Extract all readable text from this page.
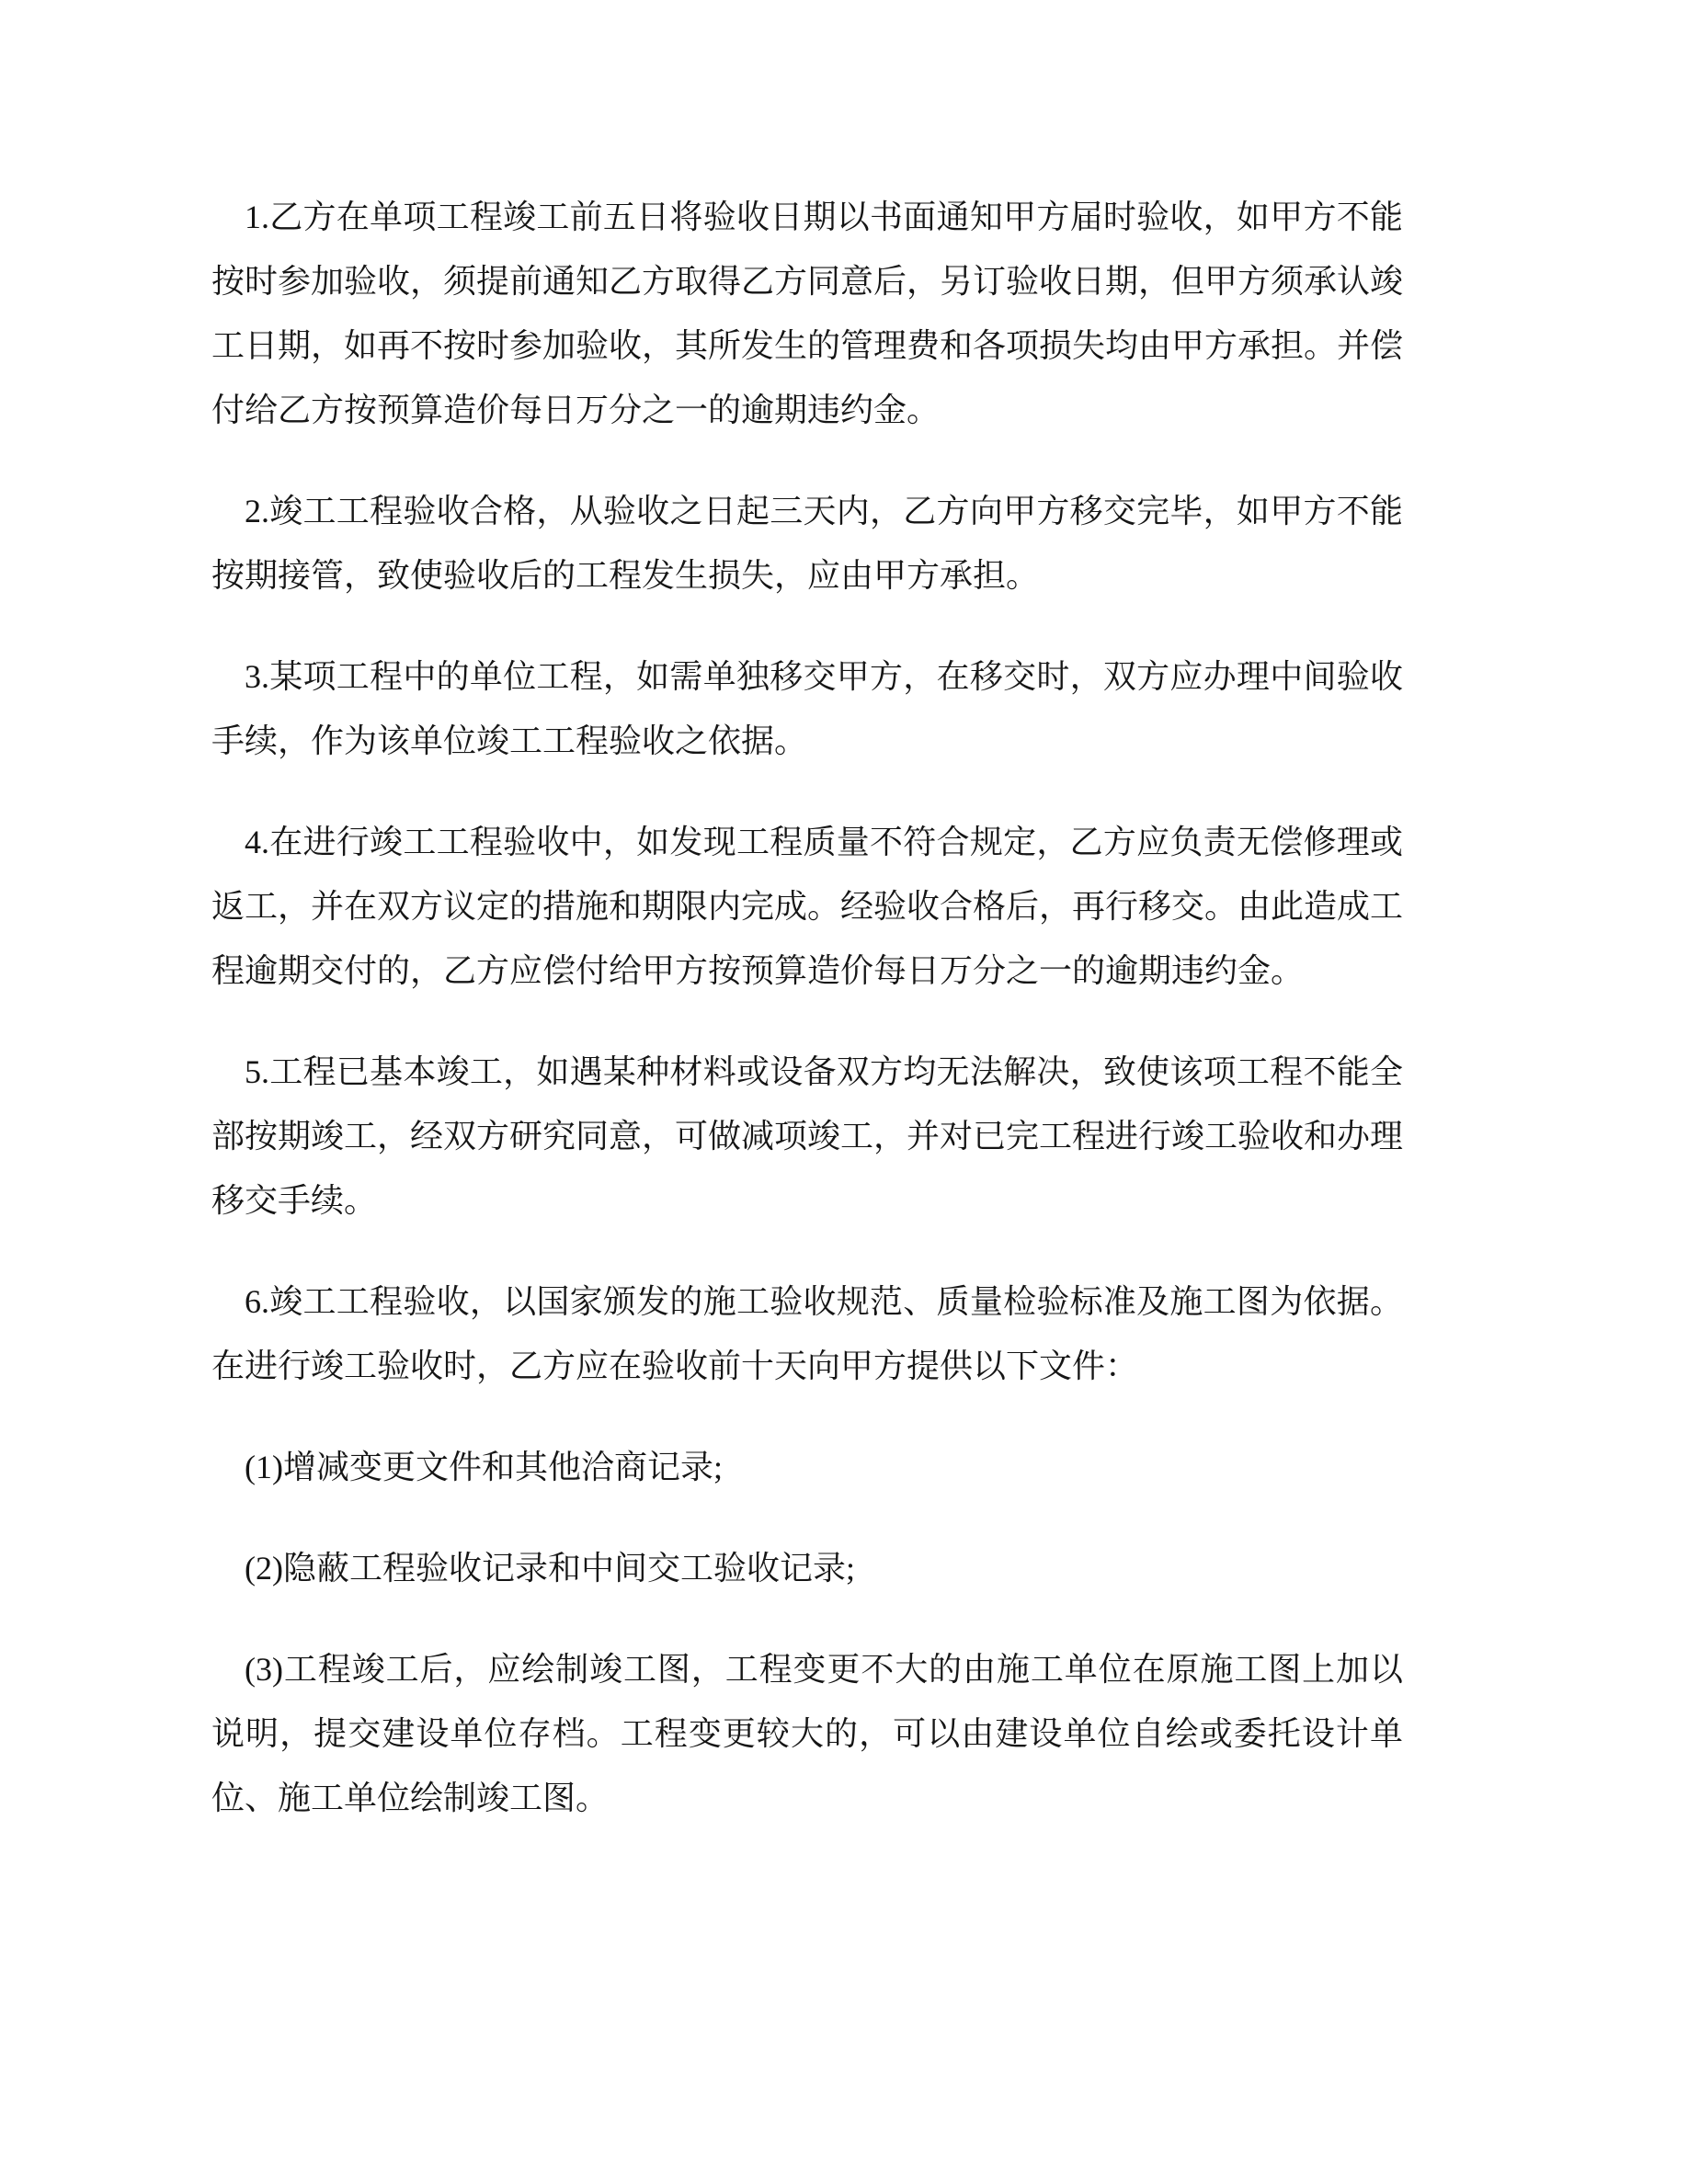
1.乙方在单项工程竣工前五日将验收日期以书面通知甲方届时验收，如甲方不能按时参加验收，须提前通知乙方取得乙方同意后，另订验收日期，但甲方须承认竣工日期，如再不按时参加验收，其所发生的管理费和各项损失均由甲方承担。并偿付给乙方按预算造价每日万分之一的逾期违约金。

2.竣工工程验收合格，从验收之日起三天内，乙方向甲方移交完毕，如甲方不能按期接管，致使验收后的工程发生损失，应由甲方承担。

3.某项工程中的单位工程，如需单独移交甲方，在移交时，双方应办理中间验收手续，作为该单位竣工工程验收之依据。

4.在进行竣工工程验收中，如发现工程质量不符合规定，乙方应负责无偿修理或返工，并在双方议定的措施和期限内完成。经验收合格后，再行移交。由此造成工程逾期交付的，乙方应偿付给甲方按预算造价每日万分之一的逾期违约金。

5.工程已基本竣工，如遇某种材料或设备双方均无法解决，致使该项工程不能全部按期竣工，经双方研究同意，可做减项竣工，并对已完工程进行竣工验收和办理移交手续。

6.竣工工程验收，以国家颁发的施工验收规范、质量检验标准及施工图为依据。在进行竣工验收时，乙方应在验收前十天向甲方提供以下文件：

(1)增减变更文件和其他洽商记录;

(2)隐蔽工程验收记录和中间交工验收记录;

(3)工程竣工后，应绘制竣工图，工程变更不大的由施工单位在原施工图上加以说明，提交建设单位存档。工程变更较大的，可以由建设单位自绘或委托设计单位、施工单位绘制竣工图。
